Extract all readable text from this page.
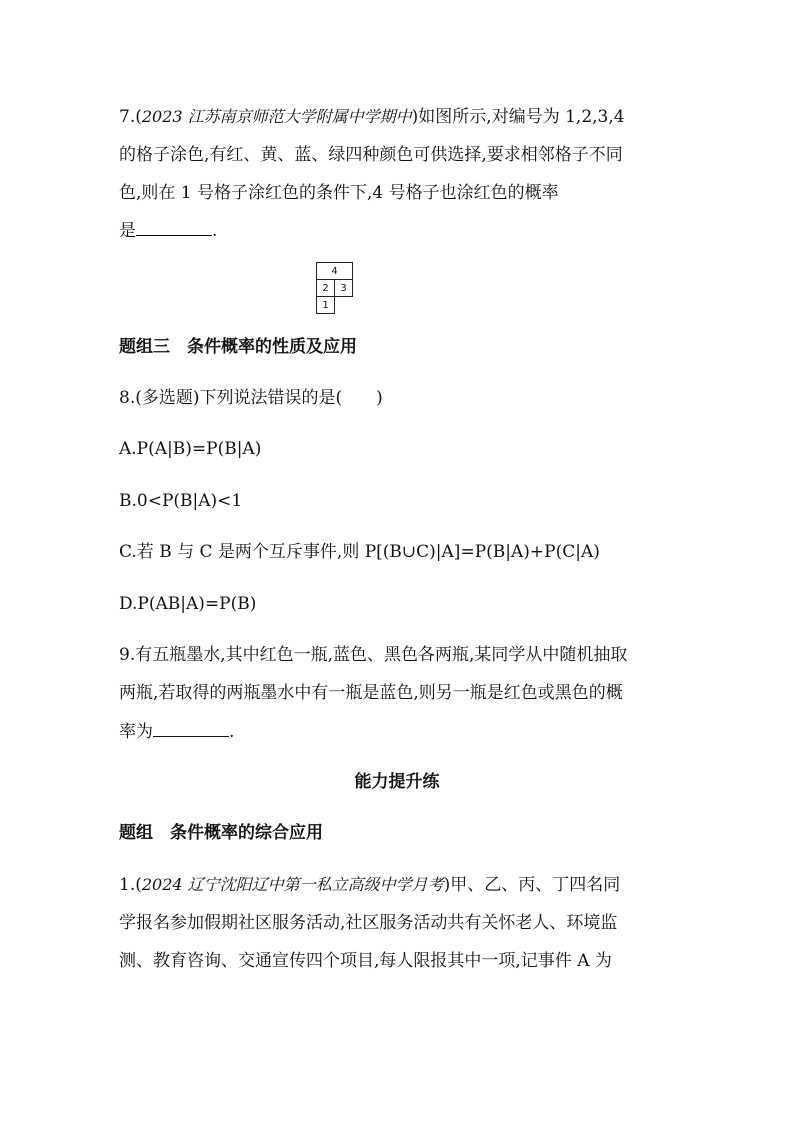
7.(2023 江苏南京师范大学附属中学期中)如图所示,对编号为 1,2,3,4
的格子涂色,有红、黄、蓝、绿四种颜色可供选择,要求相邻格子不同
色,则在 1 号格子涂红色的条件下,4 号格子也涂红色的概率
是	.
4
2	3
1
题组三　条件概率的性质及应用
8.(多选题)下列说法错误的是(　　)
A.P(A|B)=P(B|A)
B.0<P(B|A)<1
C.若 B 与 C 是两个互斥事件,则 P[(B∪C)|A]=P(B|A)+P(C|A)
D.P(AB|A)=P(B)
9.有五瓶墨水,其中红色一瓶,蓝色、黑色各两瓶,某同学从中随机抽取
两瓶,若取得的两瓶墨水中有一瓶是蓝色,则另一瓶是红色或黑色的概
率为	.
能力提升练
题组　条件概率的综合应用
1.(2024 辽宁沈阳辽中第一私立高级中学月考)甲、乙、丙、丁四名同
学报名参加假期社区服务活动,社区服务活动共有关怀老人、环境监
测、教育咨询、交通宣传四个项目,每人限报其中一项,记事件 A 为
